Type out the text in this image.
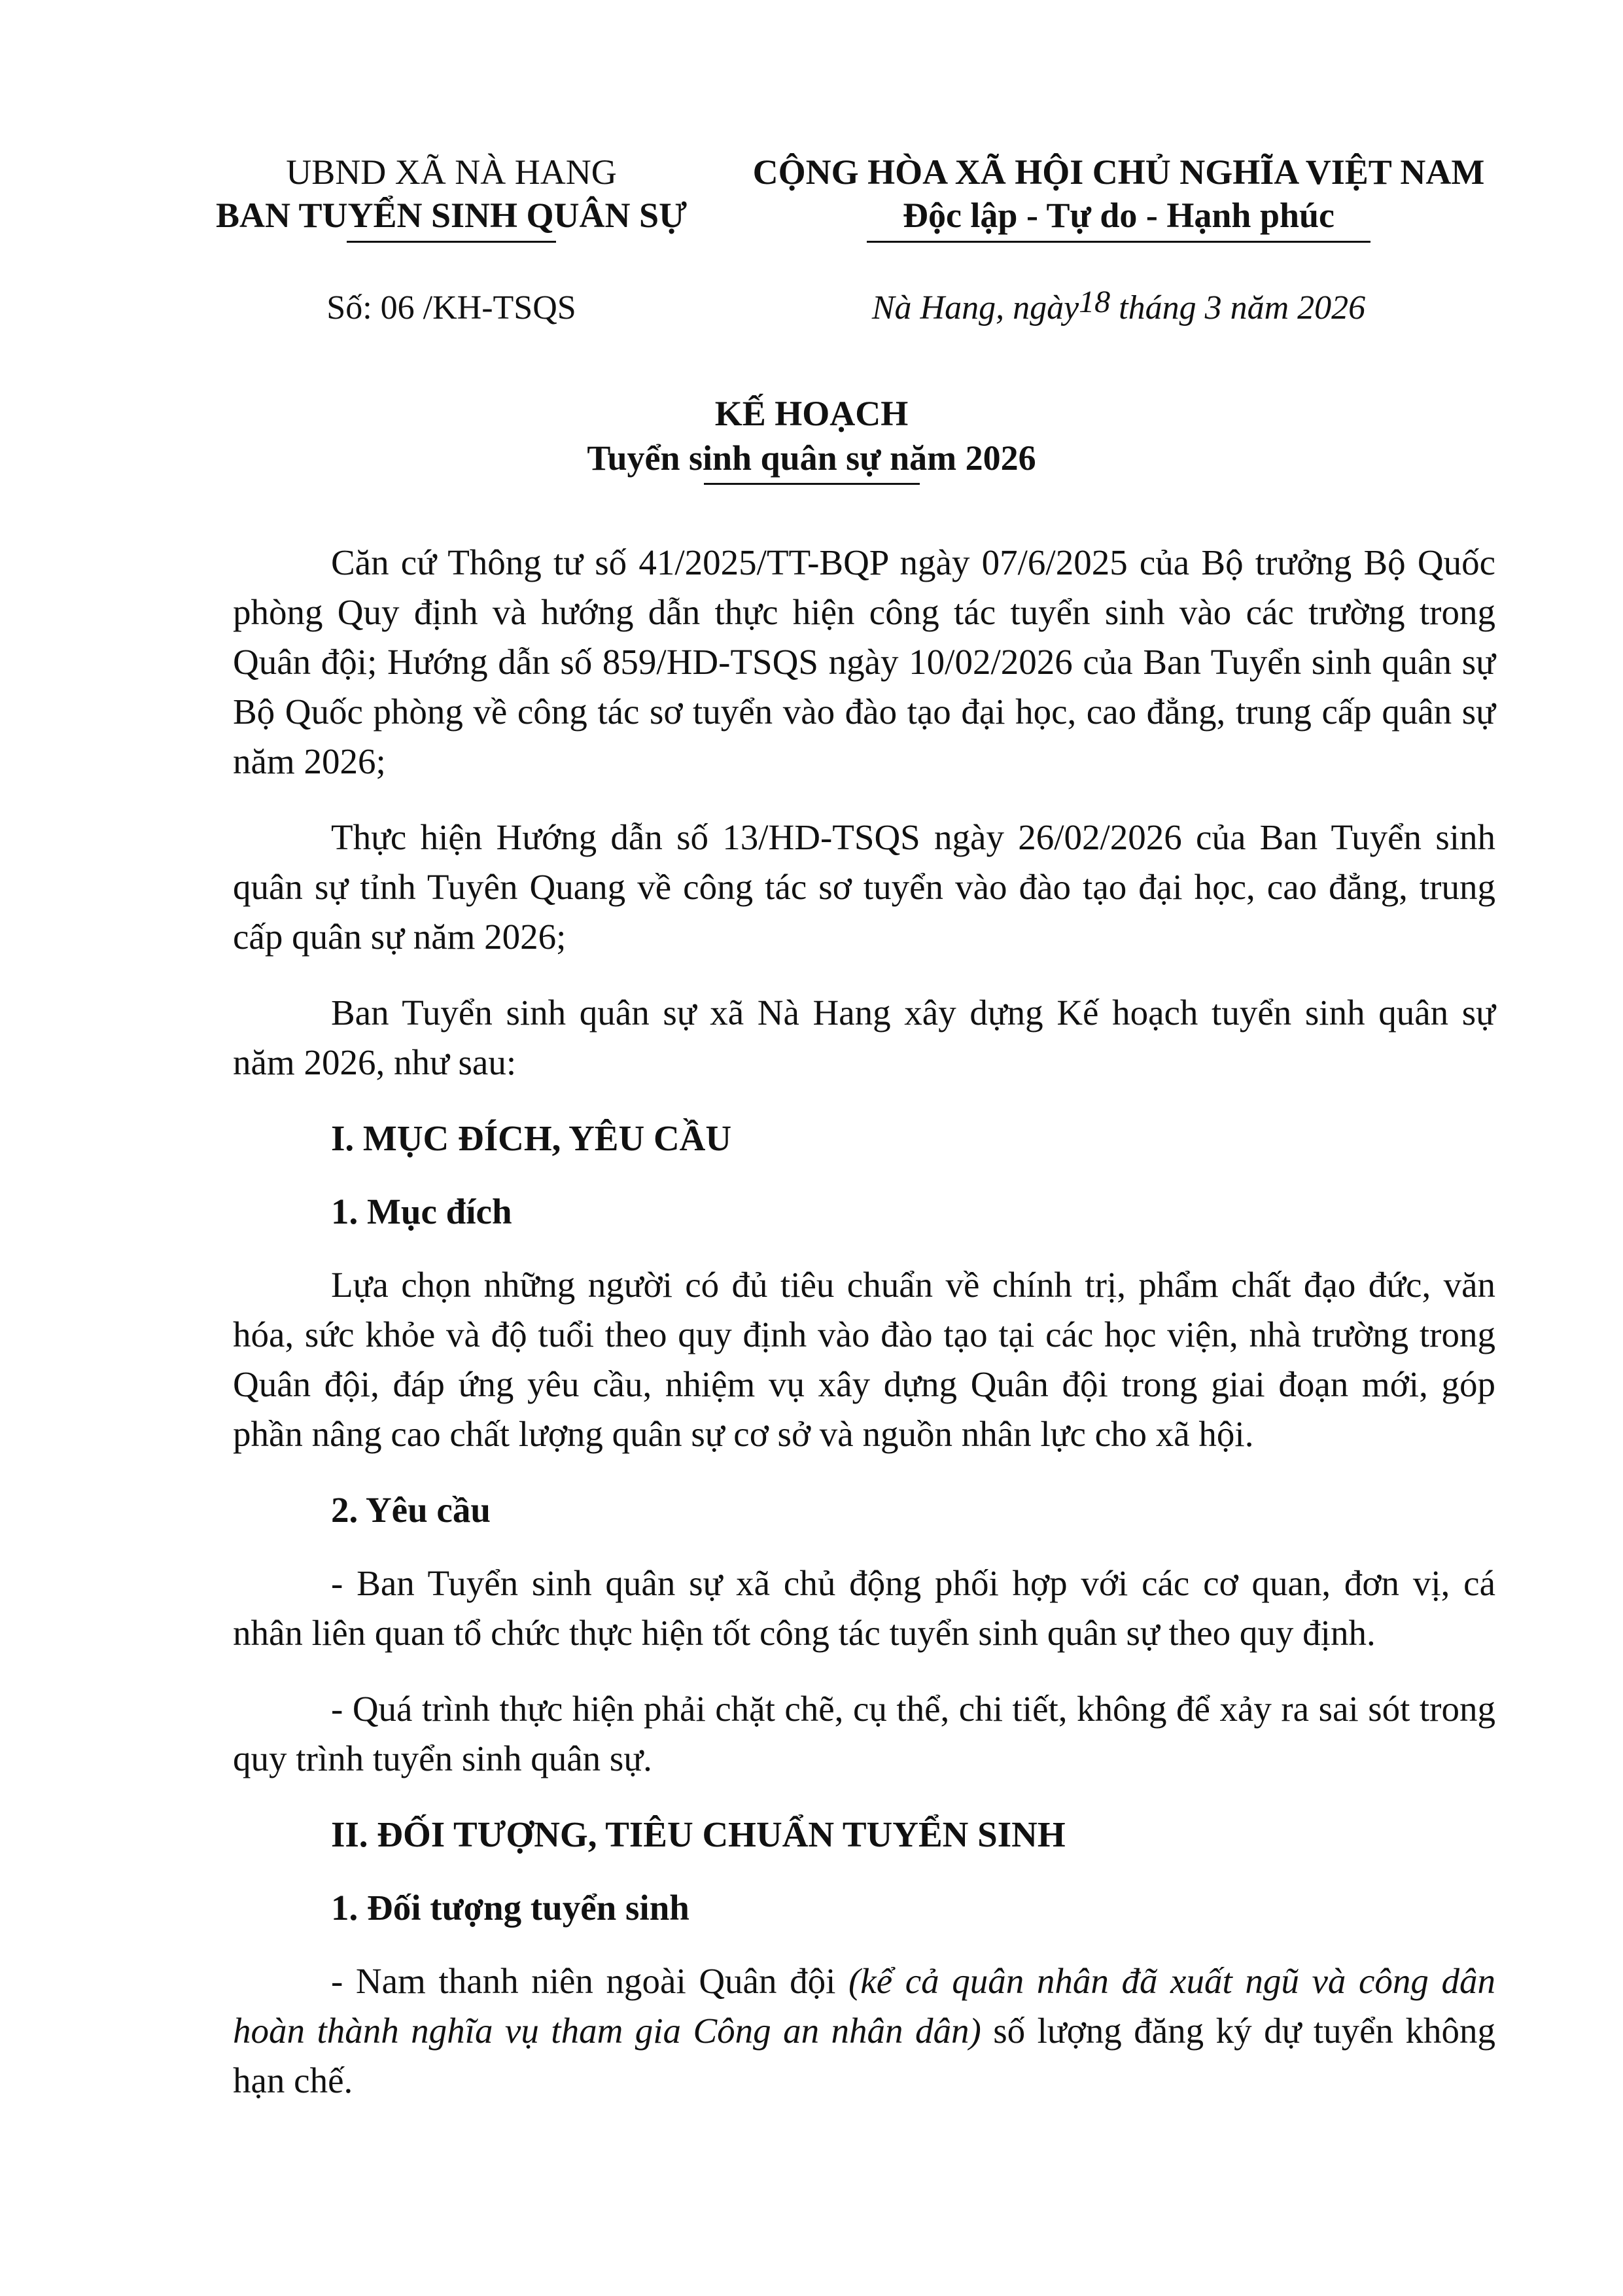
UBND XÃ NÀ HANG
BAN TUYỂN SINH QUÂN SỰ
CỘNG HÒA XÃ HỘI CHỦ NGHĨA VIỆT NAM
Độc lập - Tự do - Hạnh phúc
Số: 06 /KH-TSQS	Nà Hang, ngày18 tháng 3 năm 2026
KẾ HOẠCH
Tuyển sinh quân sự năm 2026

Căn cứ Thông tư số 41/2025/TT-BQP ngày 07/6/2025 của Bộ trưởng Bộ Quốc phòng Quy định và hướng dẫn thực hiện công tác tuyển sinh vào các trường trong Quân đội; Hướng dẫn số 859/HD-TSQS ngày 10/02/2026 của Ban Tuyển sinh quân sự Bộ Quốc phòng về công tác sơ tuyển vào đào tạo đại học, cao đẳng, trung cấp quân sự năm 2026;

Thực hiện Hướng dẫn số 13/HD-TSQS ngày 26/02/2026 của Ban Tuyển sinh quân sự tỉnh Tuyên Quang về công tác sơ tuyển vào đào tạo đại học, cao đẳng, trung cấp quân sự năm 2026;

Ban Tuyển sinh quân sự xã Nà Hang xây dựng Kế hoạch tuyển sinh quân sự năm 2026, như sau:

I. MỤC ĐÍCH, YÊU CẦU

1. Mục đích

Lựa chọn những người có đủ tiêu chuẩn về chính trị, phẩm chất đạo đức, văn hóa, sức khỏe và độ tuổi theo quy định vào đào tạo tại các học viện, nhà trường trong Quân đội, đáp ứng yêu cầu, nhiệm vụ xây dựng Quân đội trong giai đoạn mới, góp phần nâng cao chất lượng quân sự cơ sở và nguồn nhân lực cho xã hội.

2. Yêu cầu

- Ban Tuyển sinh quân sự xã chủ động phối hợp với các cơ quan, đơn vị, cá nhân liên quan tổ chức thực hiện tốt công tác tuyển sinh quân sự theo quy định.

- Quá trình thực hiện phải chặt chẽ, cụ thể, chi tiết, không để xảy ra sai sót trong quy trình tuyển sinh quân sự.

II. ĐỐI TƯỢNG, TIÊU CHUẨN TUYỂN SINH

1. Đối tượng tuyển sinh

- Nam thanh niên ngoài Quân đội (kể cả quân nhân đã xuất ngũ và công dân hoàn thành nghĩa vụ tham gia Công an nhân dân) số lượng đăng ký dự tuyển không hạn chế.
